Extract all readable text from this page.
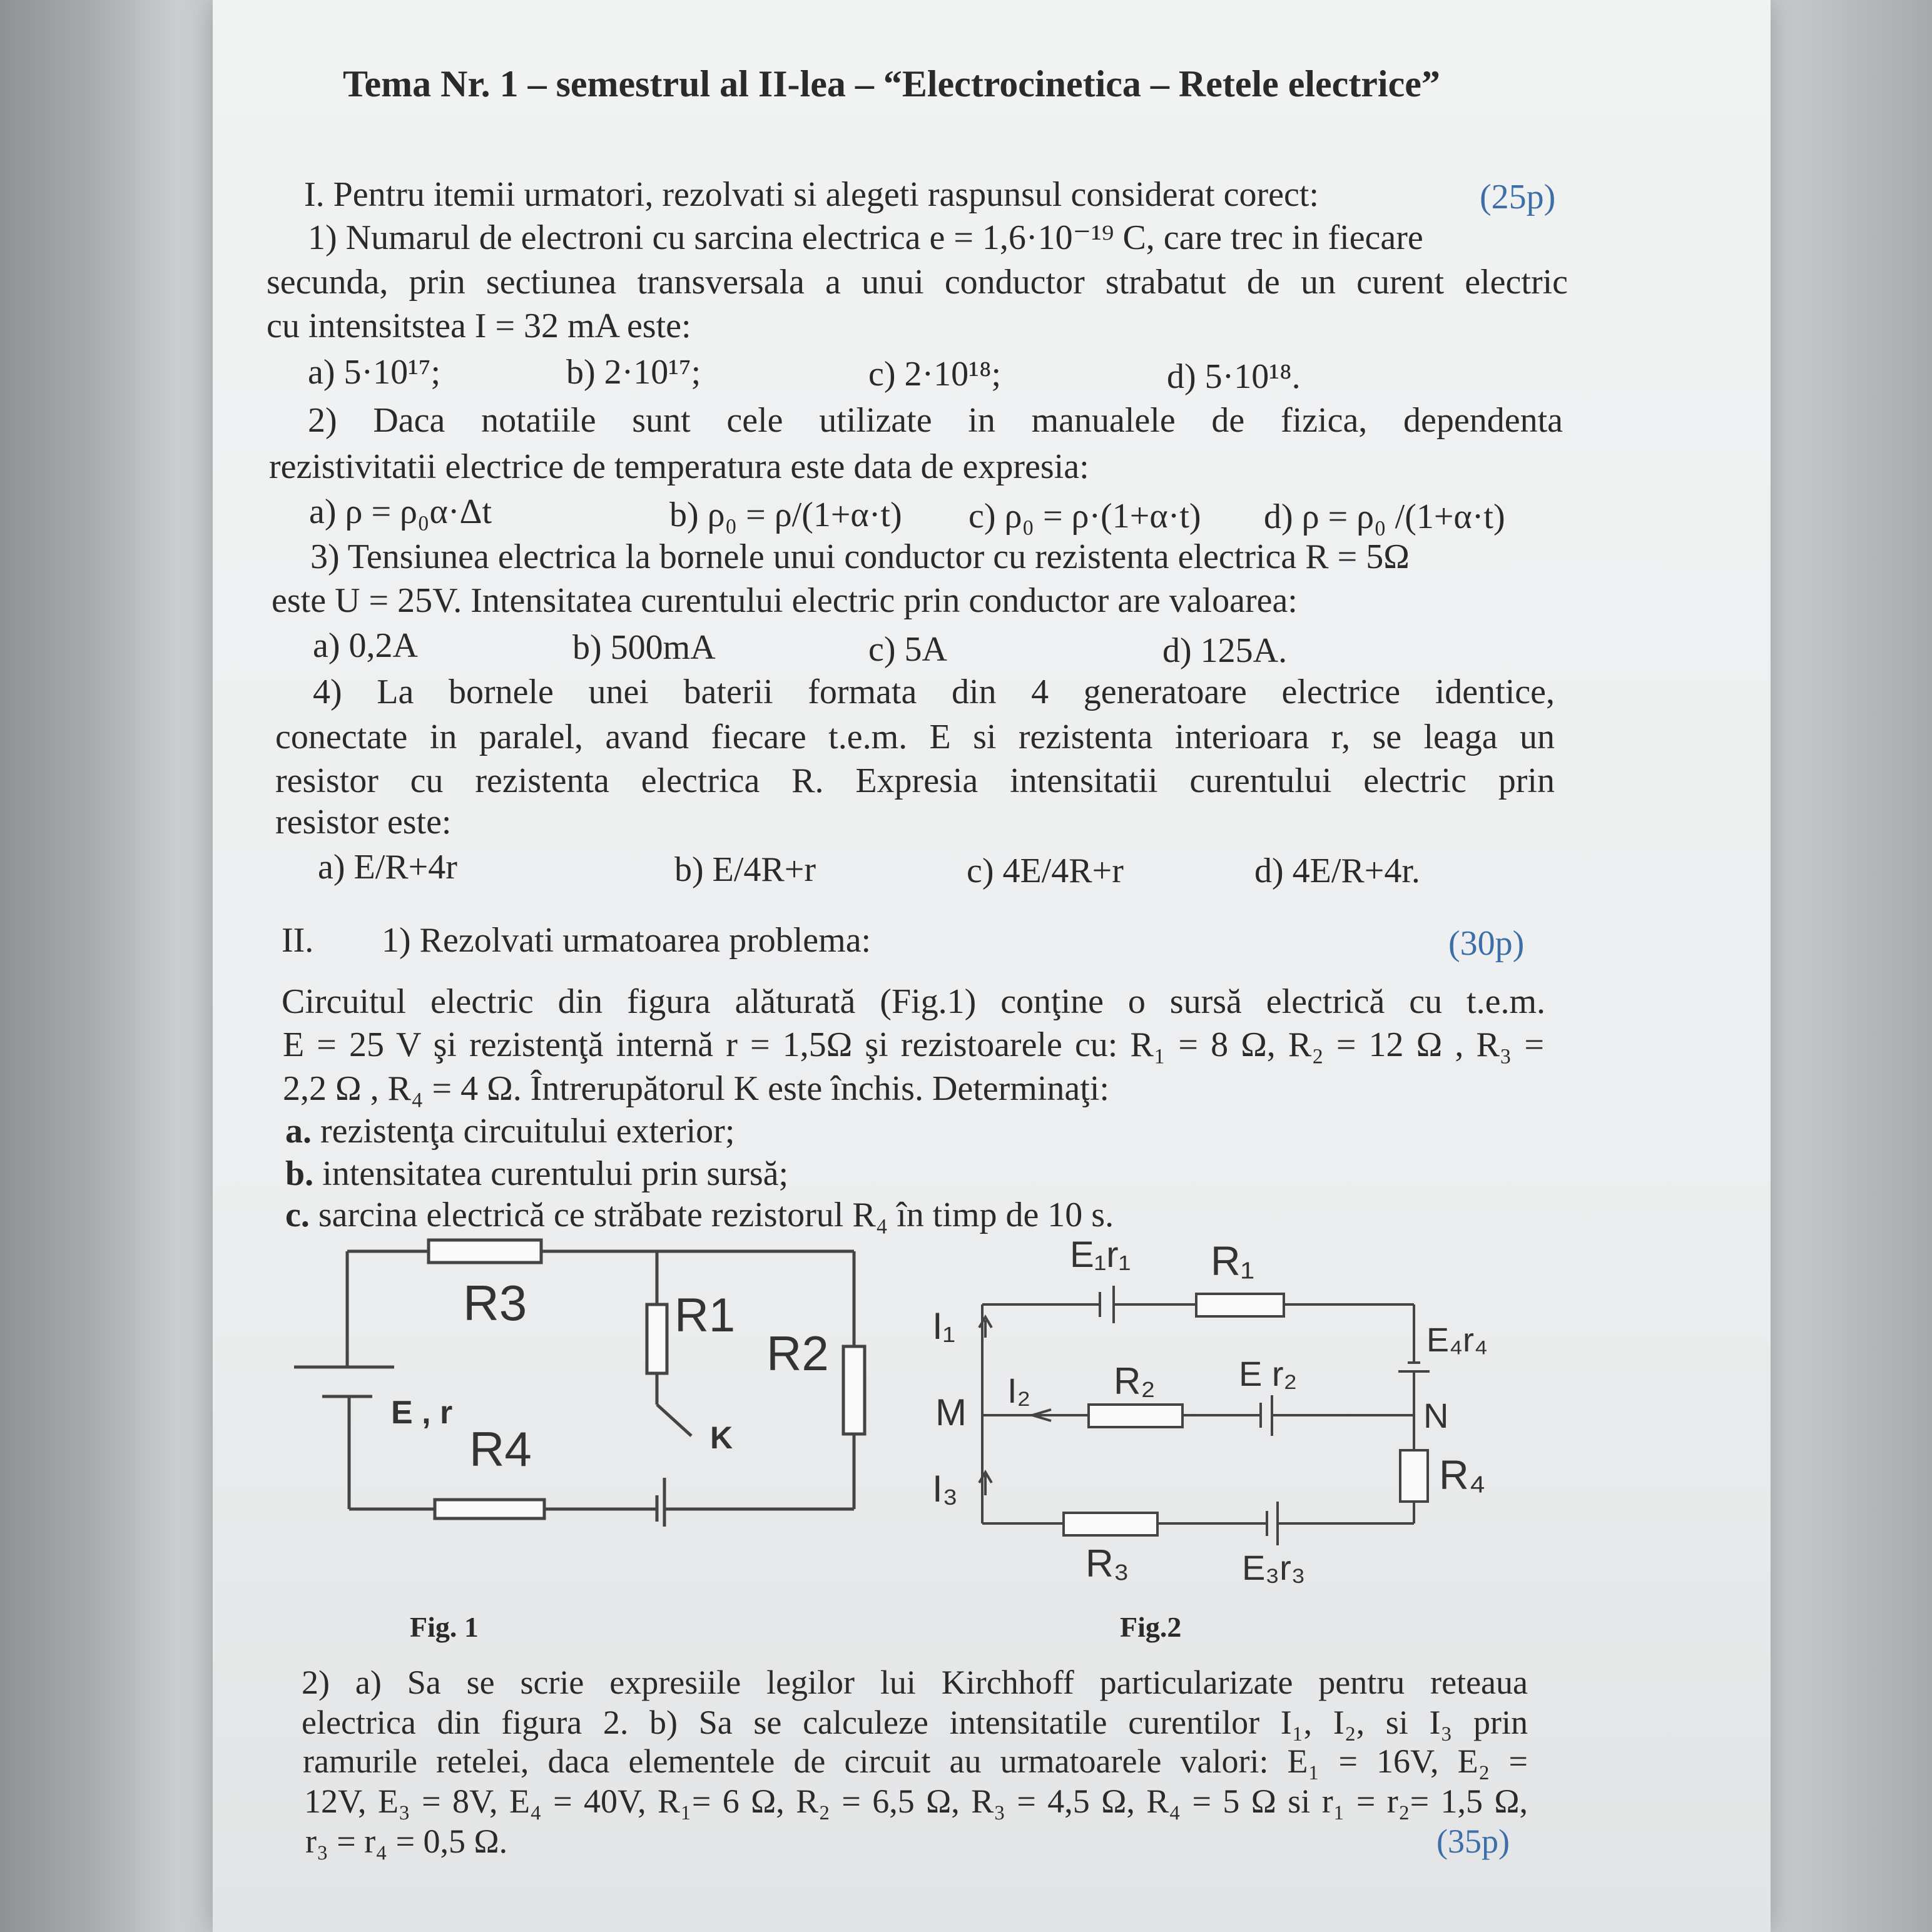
Tema Nr. 1 – semestrul al II-lea – “Electrocinetica – Retele electrice”
I. Pentru itemii urmatori, rezolvati si alegeti raspunsul considerat corect:	(25p)
1) Numarul de electroni cu sarcina electrica e = 1,6·10⁻¹⁹ C, care trec in fiecare
secunda, prin sectiunea transversala a unui conductor strabatut de un curent electric
cu intensitstea I = 32 mA este:
a) 5·10¹⁷;	b) 2·10¹⁷;	c) 2·10¹⁸;	d) 5·10¹⁸.
2) Daca notatiile sunt cele utilizate in manualele de fizica, dependenta
rezistivitatii electrice de temperatura este data de expresia:
a) ρ = ρ₀α·Δt	b) ρ₀ = ρ/(1+α·t) c) ρ₀ = ρ·(1+α·t) d) ρ = ρ₀ /(1+α·t)
3) Tensiunea electrica la bornele unui conductor cu rezistenta electrica R = 5Ω
este U = 25V. Intensitatea curentului electric prin conductor are valoarea:
a) 0,2A	b) 500mA	c) 5A	d) 125A.
4) La bornele unei baterii formata din 4 generatoare electrice identice,
conectate in paralel, avand fiecare t.e.m. E si rezistenta interioara r, se leaga un
resistor cu rezistenta electrica R. Expresia intensitatii curentului electric prin
resistor este:
a) E/R+4r	b) E/4R+r	c) 4E/4R+r	d) 4E/R+4r.
II. 1) Rezolvati urmatoarea problema:	(30p)
Circuitul electric din figura alăturată (Fig.1) conţine o sursă electrică cu t.e.m.
E = 25 V şi rezistenţă internă r = 1,5Ω şi rezistoarele cu: R₁ = 8 Ω, R₂ = 12 Ω , R₃ =
2,2 Ω , R₄ = 4 Ω. Întrerupătorul K este închis. Determinaţi:
a. rezistenţa circuitului exterior;
b. intensitatea curentului prin sursă;
c. sarcina electrică ce străbate rezistorul R₄ în timp de 10 s.
R3	R1
R2
R4
E , r
K
E₁r₁ R₁
E₄r₄
I₁
I₂ R₂ E r₂
M	N
I₃	R₄
R₃	E₃r₃
Fig. 1	Fig.2
2) a) Sa se scrie expresiile legilor lui Kirchhoff particularizate pentru reteaua
electrica din figura 2. b) Sa se calculeze intensitatile curentilor I₁, I₂, si I₃ prin
ramurile retelei, daca elementele de circuit au urmatoarele valori: E₁ = 16V, E₂ =
12V, E₃ = 8V, E₄ = 40V, R₁= 6 Ω, R₂ = 6,5 Ω, R₃ = 4,5 Ω, R₄ = 5 Ω si r₁ = r₂= 1,5 Ω,
r₃ = r₄ = 0,5 Ω.	(35p)
